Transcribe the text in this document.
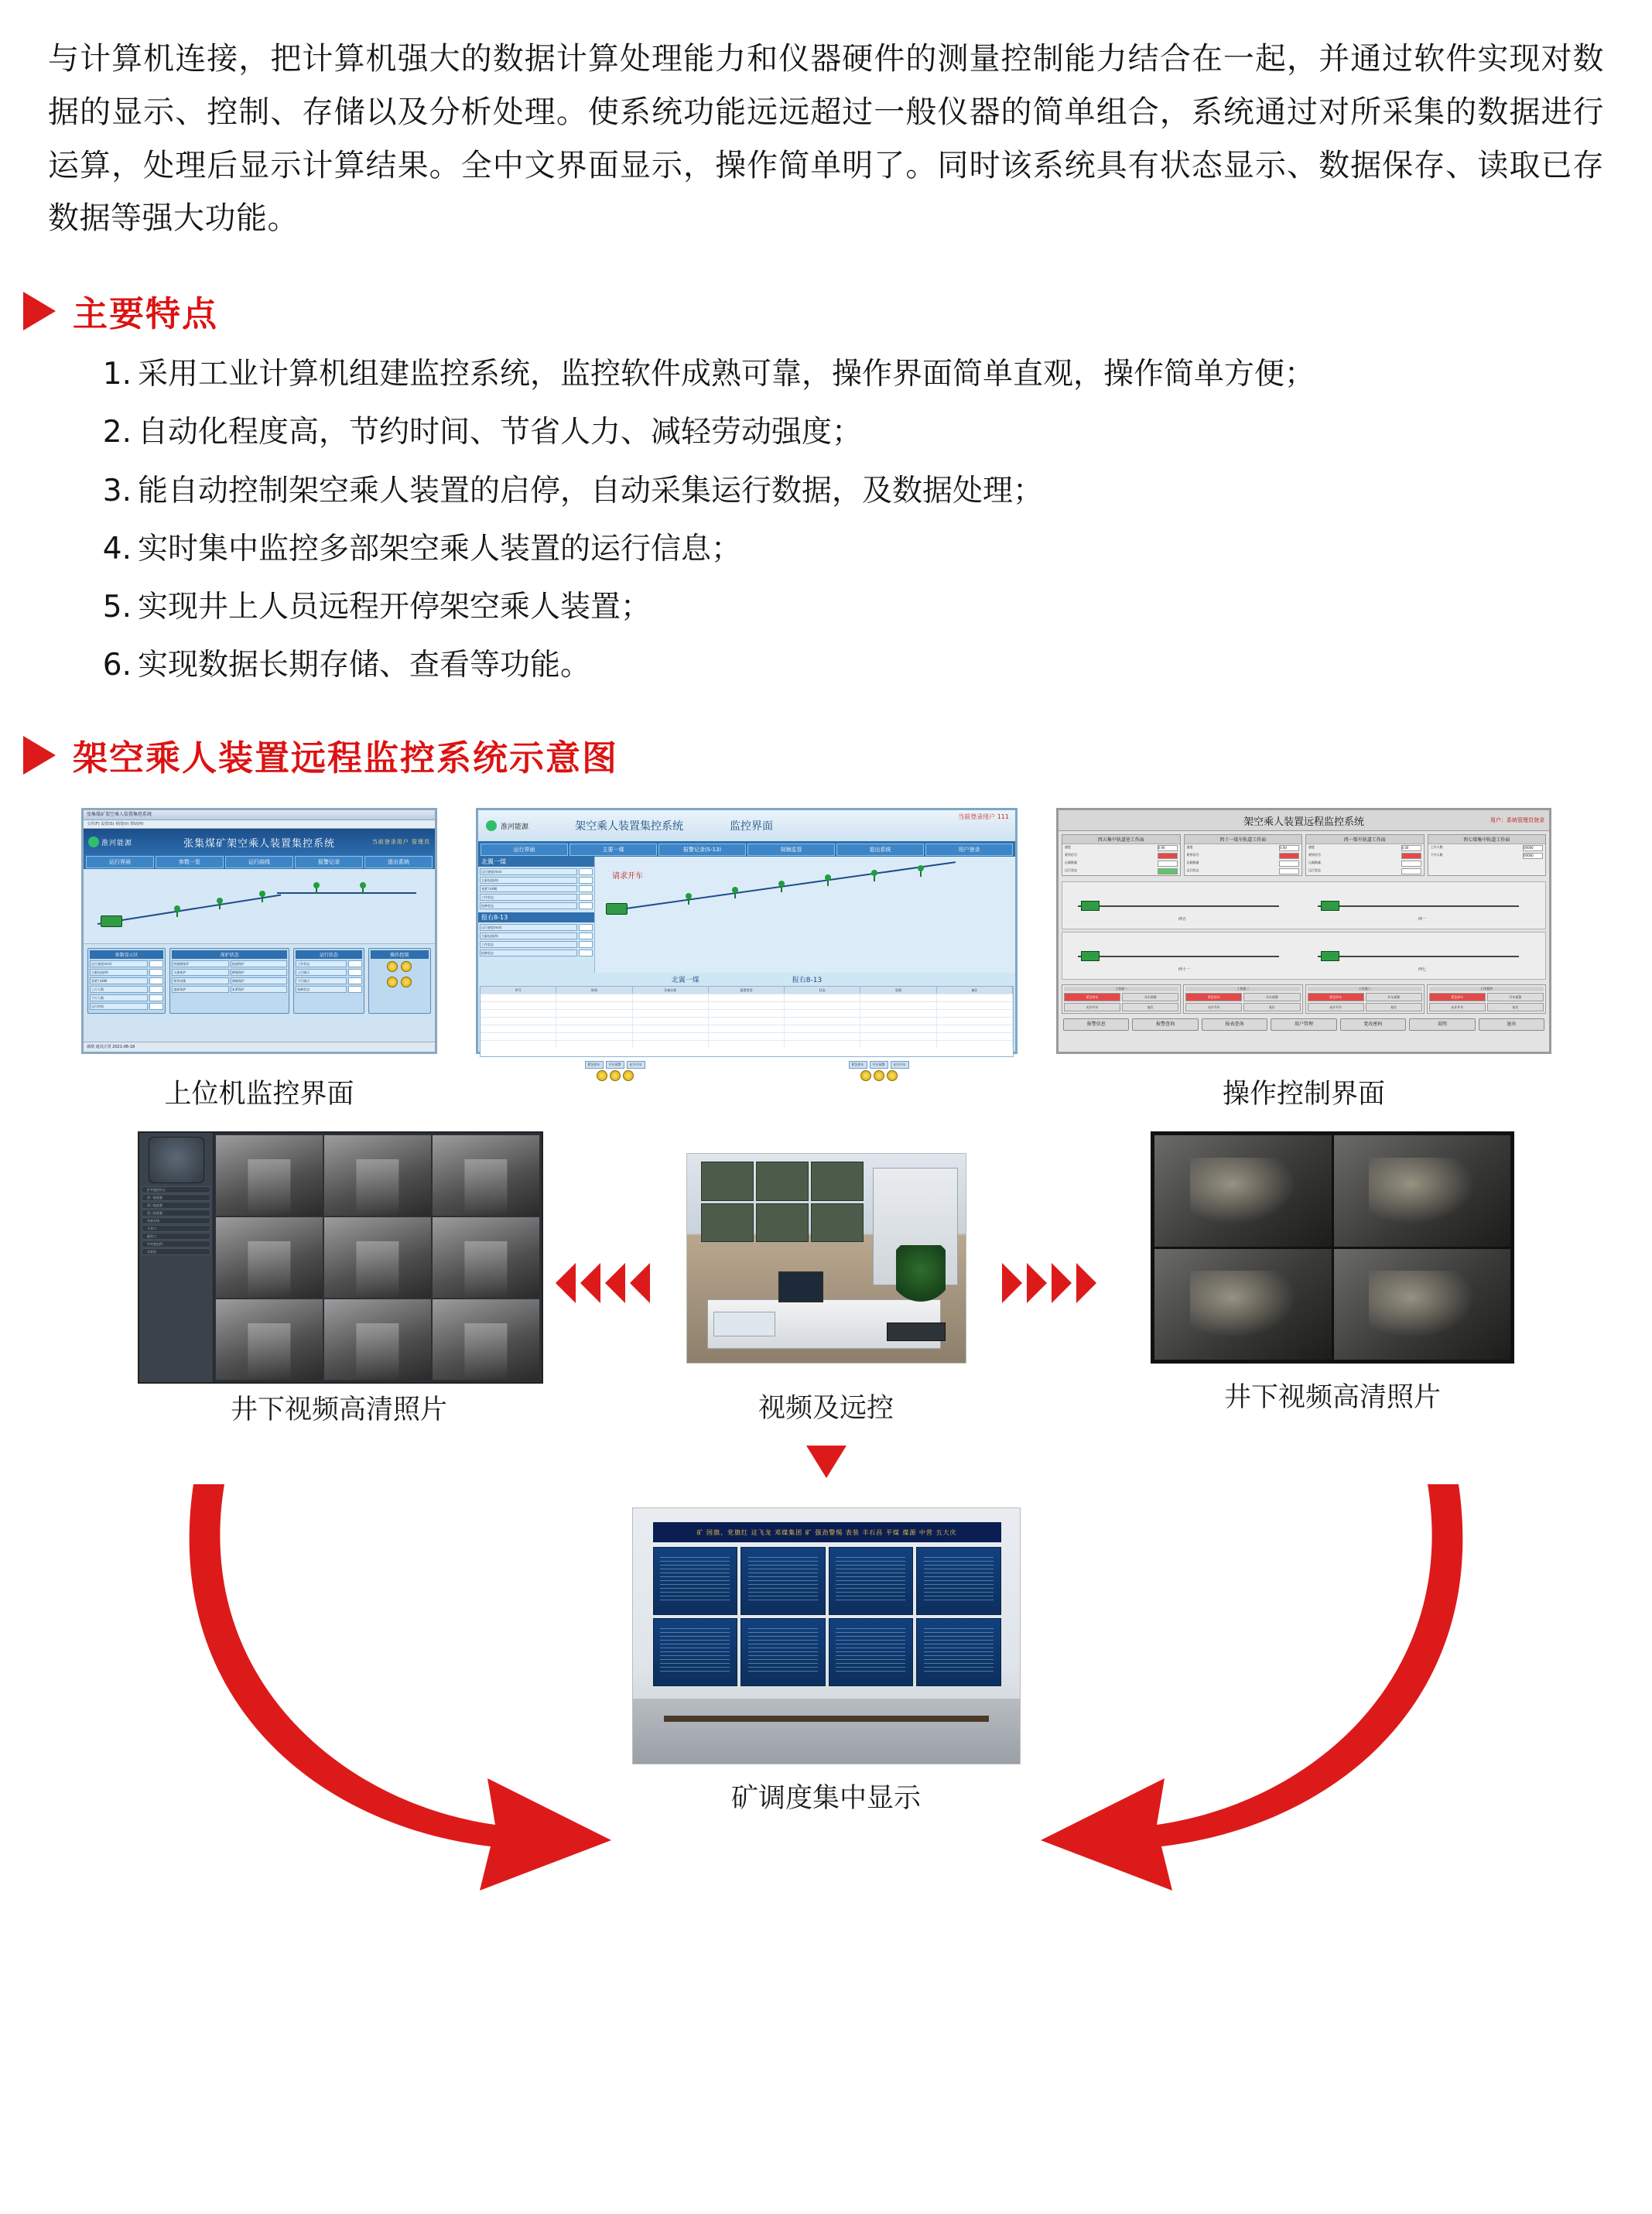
与计算机连接，把计算机强大的数据计算处理能力和仪器硬件的测量控制能力结合在一起，并通过软件实现对数据的显示、控制、存储以及分析处理。使系统功能远远超过一般仪器的简单组合，系统通过对所采集的数据进行运算，处理后显示计算结果。全中文界面显示，操作简单明了。同时该系统具有状态显示、数据保存、读取已存数据等强大功能。

主要特点
1. 采用工业计算机组建监控系统，监控软件成熟可靠，操作界面简单直观，操作简单方便；
2. 自动化程度高，节约时间、节省人力、减轻劳动强度；
3. 能自动控制架空乘人装置的启停，自动采集运行数据，及数据处理；
4. 实时集中监控多部架空乘人装置的运行信息；
5. 实现井上人员远程开停架空乘人装置；
6. 实现数据长期存储、查看等功能。
架空乘人装置远程监控系统示意图
张集煤矿架空乘人装置集控系统
文件(F) 设置(S) 视图(V) 帮助(H)
淮河能源	张集煤矿架空乘人装置集控系统	当前登录用户 管理员
运行界面	参数一览	运行曲线	报警记录	退出系统
参数显示区
运行速度(m/s)
主驱电流(A)
张紧力(kN)
上行人数
下行人数
运行时间
保护状态
防脱绳保护	超速保护
欠速保护	断绳保护
紧停闭锁	满载保护
越界保护	张紧保护
运行状态
工作状态
上行指示
下行指示
检修状态
操作控制
就绪 通讯正常 2021-06-18
上位机监控界面
淮河能源	架空乘人装置集控系统	监控界面
当前登录用户 111
运行界面	主要一煤	报警记录(S-13)	视频监管	退出系统	用户登录
北翼一煤
运行速度(m/s)
主驱电流(A)
张紧力(kN)
工作状态
检修状态
报右8-13
运行速度(m/s)
主驱电流(A)
工作状态
检修状态
请求开车
北翼一煤	报右8-13
序号	时间	设备名称	报警类型	状态	处理	备注
紧急停车	开车预警	允许开车	紧急停车	开车预警	允许开车
架空乘人装置远程监控系统	用户：系统管理员登录
西五集中轨道巷工作面
速度	0.90
紧停信号
运载数量
运行状态
西十一煤车轨道工作面
速度	0.00
紧停信号
运载数量
运行状态
西一煤车轨道工作面
速度	0.00
紧停信号
运载数量
运行状态
西七煤集中轨道工作面
上井人数	00000
下井人数	00000
西五	西一
西十一	西七
工作面一
紧急停车	开车预警
允许开车	复位
工作面二
紧急停车	开车预警
允许开车	复位
工作面三
紧急停车	开车预警
允许开车	复位
工作面四
紧急停车	开车预警
允许开车	复位
报警信息	报警查询	报表查询	用户管理	党改密码	说明	退出
操作控制界面
矿井监控中心
西一轨道巷
西二轨道巷
西三轨道巷
井底车场
主井口
副井口
中央变电所
水泵房
井下视频高清照片	视频及远控	井下视频高清照片
矿 国旗、党旗红 这飞龙 邓煤集团 矿 强劲警惕 表装 丰石昌 平煤 煤源 中营 五大庆
矿调度集中显示
